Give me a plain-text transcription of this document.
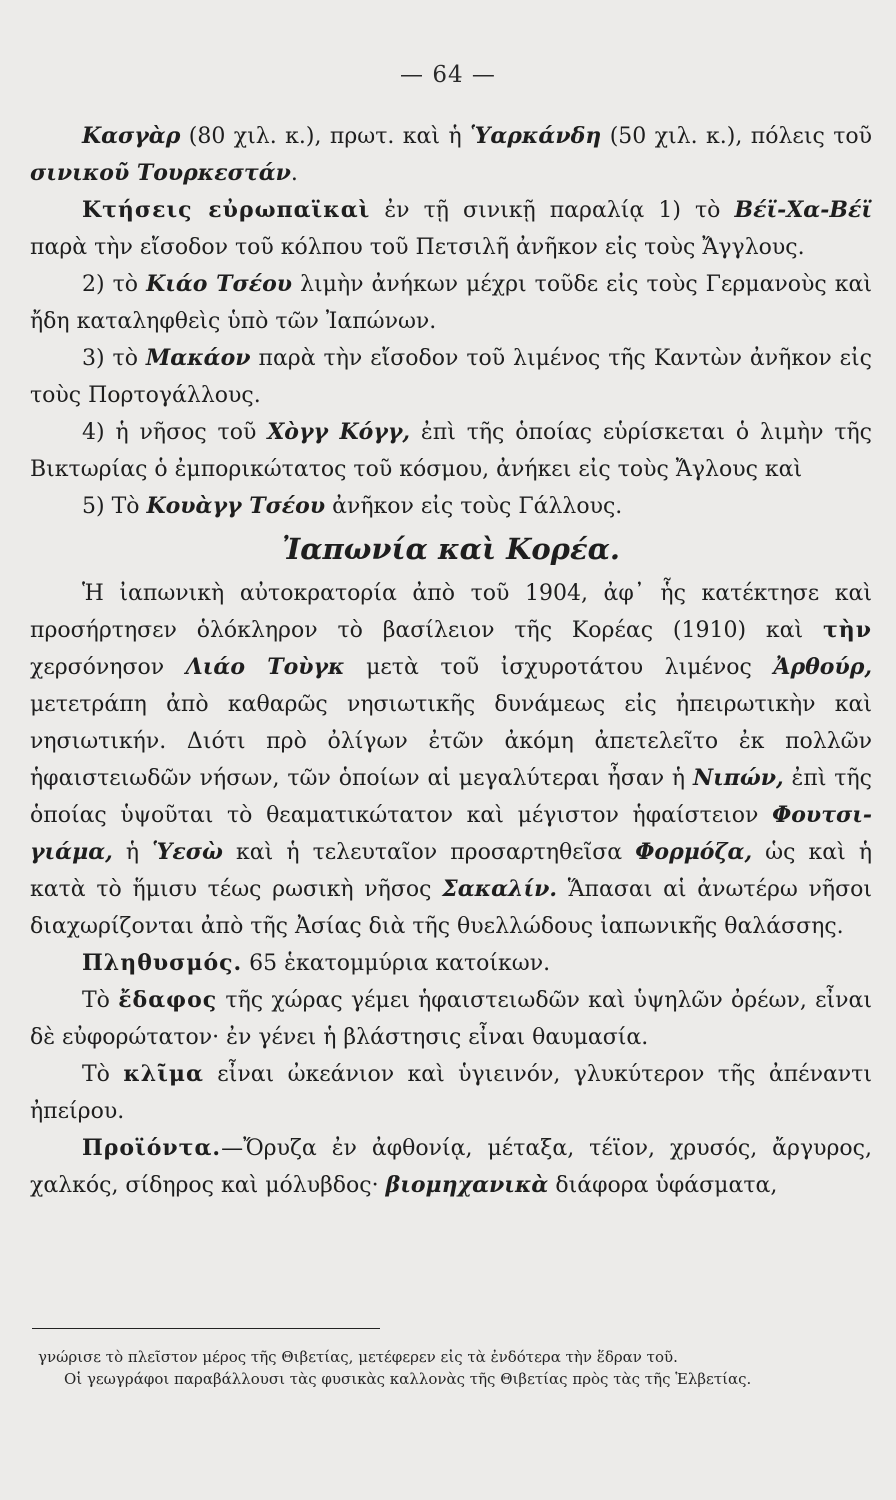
— 64 —

Κασγὰρ (80 χιλ. κ.), πρωτ. καὶ ἡ Ὑαρκάνδη (50 χιλ. κ.), πόλεις τοῦ σινικοῦ Τουρκεστάν.

Κτήσεις εὐρωπαϊκαὶ ἐν τῇ σινικῇ παραλίᾳ 1) τὸ Βέϊ-Χα-Βέϊ παρὰ τὴν εἴσοδον τοῦ κόλπου τοῦ Πετσιλῆ ἀνῆκον εἰς τοὺς Ἄγγλους.

2) τὸ Κιάο Τσέου λιμὴν ἀνήκων μέχρι τοῦδε εἰς τοὺς Γερμανοὺς καὶ ἤδη καταληφθεὶς ὑπὸ τῶν Ἰαπώνων.

3) τὸ Μακάον παρὰ τὴν εἴσοδον τοῦ λιμένος τῆς Καντὼν ἀνῆκον εἰς τοὺς Πορτογάλλους.

4) ἡ νῆσος τοῦ Χὸγγ Κόγγ, ἐπὶ τῆς ὁποίας εὑρίσκεται ὁ λιμὴν τῆς Βικτωρίας ὁ ἐμπορικώτατος τοῦ κόσμου, ἀνήκει εἰς τοὺς Ἄγλους καὶ

5) Τὸ Κουὰγγ Τσέου ἀνῆκον εἰς τοὺς Γάλλους.

Ἰαπωνία καὶ Κορέα.

Ἡ ἰαπωνικὴ αὐτοκρατορία ἀπὸ τοῦ 1904, ἀφ᾽ ἧς κατέκτησε καὶ προσήρτησεν ὁλόκληρον τὸ βασίλειον τῆς Κορέας (1910) καὶ τὴν χερσόνησον Λιάο Τοὺγκ μετὰ τοῦ ἰσχυροτάτου λιμένος Ἀρθούρ, μετετράπη ἀπὸ καθαρῶς νησιωτικῆς δυνάμεως εἰς ἠπειρωτικὴν καὶ νησιωτικήν. Διότι πρὸ ὀλίγων ἐτῶν ἀκόμη ἀπετελεῖτο ἐκ πολλῶν ἡφαιστειωδῶν νήσων, τῶν ὁποίων αἱ μεγαλύτεραι ἦσαν ἡ Νιπών, ἐπὶ τῆς ὁποίας ὑψοῦται τὸ θεαματικώτατον καὶ μέγιστον ἡφαίστειον Φουτσι-γιάμα, ἡ Ὑεσὼ καὶ ἡ τελευταῖον προσαρτηθεῖσα Φορμόζα, ὡς καὶ ἡ κατὰ τὸ ἥμισυ τέως ρωσικὴ νῆσος Σακαλίν. Ἅπασαι αἱ ἀνωτέρω νῆσοι διαχωρίζονται ἀπὸ τῆς Ἀσίας διὰ τῆς θυελλώδους ἰαπωνικῆς θαλάσσης.

Πληθυσμός. 65 ἑκατομμύρια κατοίκων.

Τὸ ἔδαφος τῆς χώρας γέμει ἡφαιστειωδῶν καὶ ὑψηλῶν ὀρέων, εἶναι δὲ εὐφορώτατον· ἐν γένει ἡ βλάστησις εἶναι θαυμασία.

Τὸ κλῖμα εἶναι ὠκεάνιον καὶ ὑγιεινόν, γλυκύτερον τῆς ἀπέναντι ἠπείρου.

Προϊόντα.—Ὄρυζα ἐν ἀφθονίᾳ, μέταξα, τέϊον, χρυσός, ἄργυρος, χαλκός, σίδηρος καὶ μόλυβδος· βιομηχανικὰ διάφορα ὑφάσματα,

γνώρισε τὸ πλεῖστον μέρος τῆς Θιβετίας, μετέφερεν εἰς τὰ ἐνδότερα τὴν ἕδραν τοῦ.

Οἱ γεωγράφοι παραβάλλουσι τὰς φυσικὰς καλλονὰς τῆς Θιβετίας πρὸς τὰς τῆς Ἑλβετίας.
